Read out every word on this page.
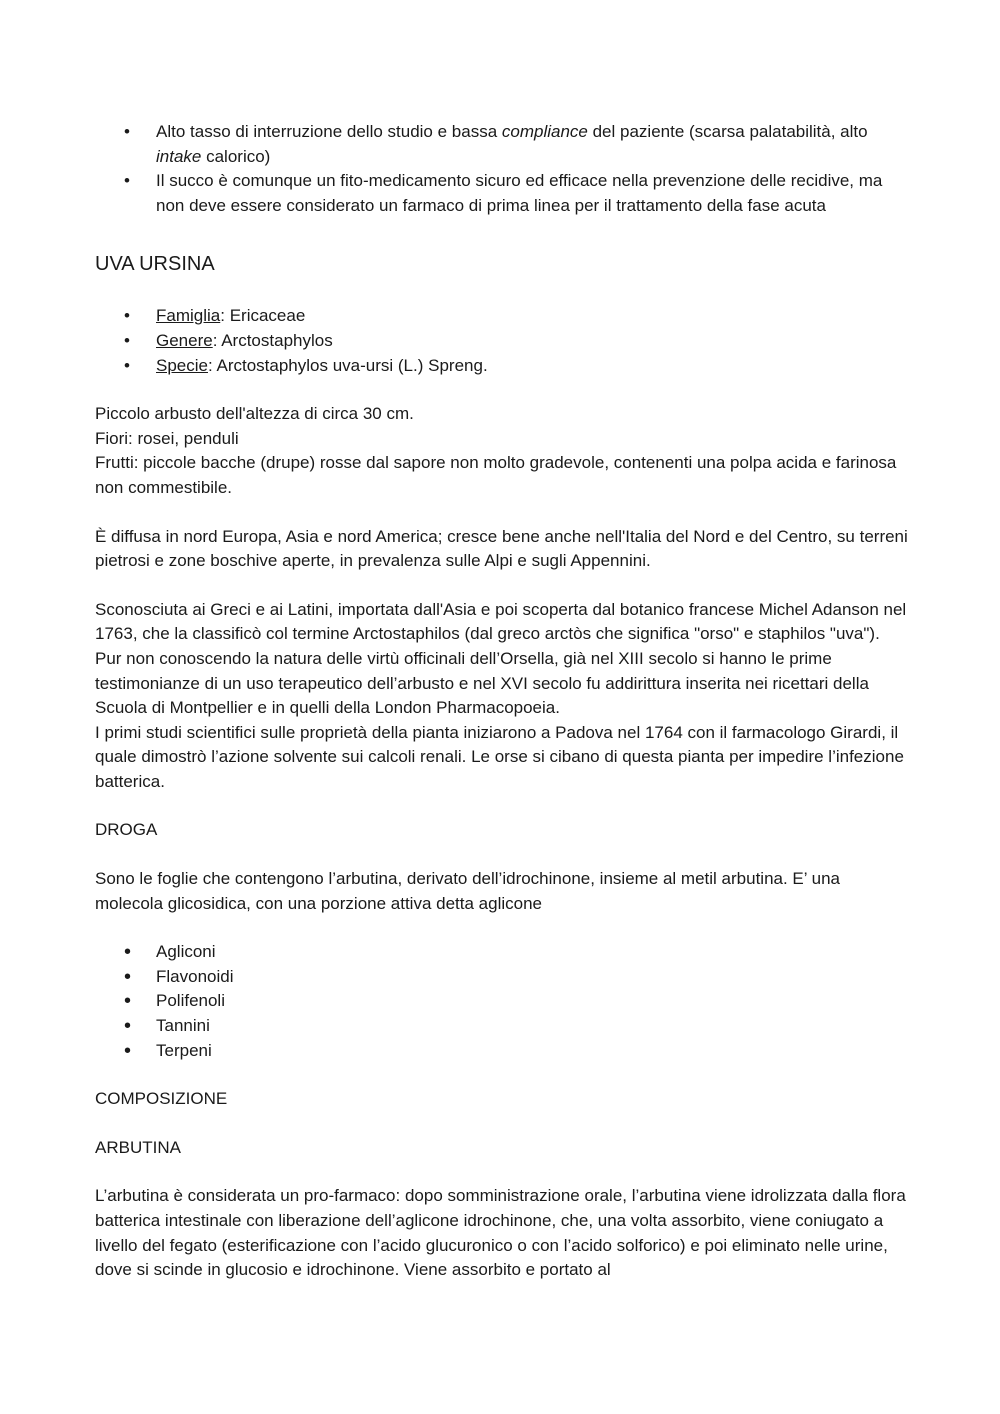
• Alto tasso di interruzione dello studio e bassa compliance del paziente (scarsa palatabilità, alto intake calorico)
• Il succo è comunque un fito-medicamento sicuro ed efficace nella prevenzione delle recidive, ma non deve essere considerato un farmaco di prima linea per il trattamento della fase acuta
UVA URSINA
• Famiglia: Ericaceae
• Genere: Arctostaphylos
• Specie: Arctostaphylos uva-ursi (L.) Spreng.

Piccolo arbusto dell'altezza di circa 30 cm.

Fiori: rosei, penduli

Frutti: piccole bacche (drupe) rosse dal sapore non molto gradevole, contenenti una polpa acida e farinosa non commestibile.

È diffusa in nord Europa, Asia e nord America; cresce bene anche nell'Italia del Nord e del Centro, su terreni pietrosi e zone boschive aperte, in prevalenza sulle Alpi e sugli Appennini.

Sconosciuta ai Greci e ai Latini, importata dall'Asia e poi scoperta dal botanico francese Michel Adanson nel 1763, che la classificò col termine Arctostaphilos (dal greco arctòs che significa "orso" e staphilos "uva"). Pur non conoscendo la natura delle virtù officinali dell’Orsella, già nel XIII secolo si hanno le prime testimonianze di un uso terapeutico dell’arbusto e nel XVI secolo fu addirittura inserita nei ricettari della Scuola di Montpellier e in quelli della London Pharmacopoeia.

I primi studi scientifici sulle proprietà della pianta iniziarono a Padova nel 1764 con il farmacologo Girardi, il quale dimostrò l’azione solvente sui calcoli renali. Le orse si cibano di questa pianta per impedire l’infezione batterica.

DROGA

Sono le foglie che contengono l’arbutina, derivato dell’idrochinone, insieme al metil arbutina. E’ una molecola glicosidica, con una porzione attiva detta aglicone

• Agliconi
• Flavonoidi
• Polifenoli
• Tannini
• Terpeni

COMPOSIZIONE

ARBUTINA

L’arbutina è considerata un pro-farmaco: dopo somministrazione orale, l’arbutina viene idrolizzata dalla flora batterica intestinale con liberazione dell’aglicone idrochinone, che, una volta assorbito, viene coniugato a livello del fegato (esterificazione con l’acido glucuronico o con l’acido solforico) e poi eliminato nelle urine, dove si scinde in glucosio e idrochinone. Viene assorbito e portato al
